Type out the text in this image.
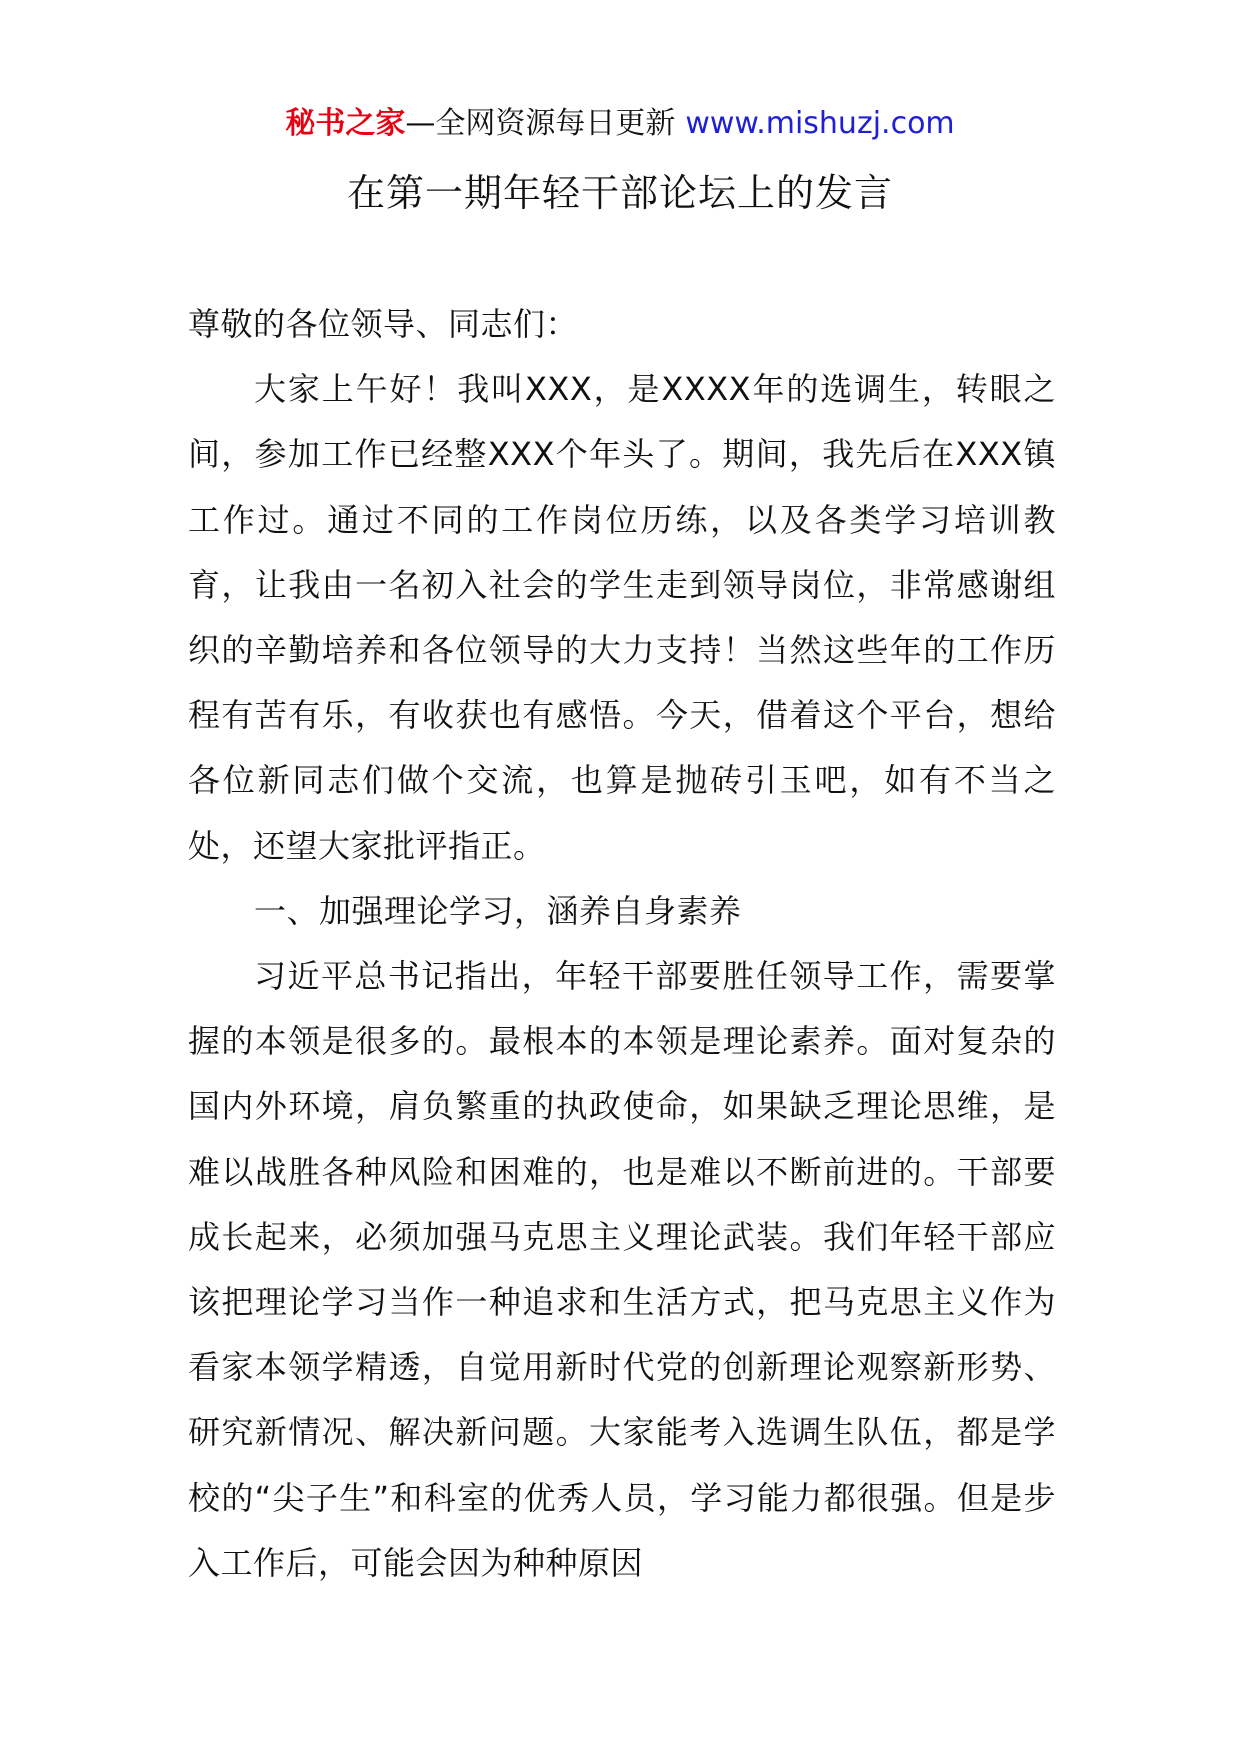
秘书之家—全网资源每日更新 www.mishuzj.com
在第一期年轻干部论坛上的发言

尊敬的各位领导、同志们：

大家上午好！我叫XXX，是XXXX年的选调生，转眼之间，参加工作已经整XXX个年头了。期间，我先后在XXX镇工作过。通过不同的工作岗位历练，以及各类学习培训教育，让我由一名初入社会的学生走到领导岗位，非常感谢组织的辛勤培养和各位领导的大力支持！当然这些年的工作历程有苦有乐，有收获也有感悟。今天，借着这个平台，想给各位新同志们做个交流，也算是抛砖引玉吧，如有不当之处，还望大家批评指正。

一、加强理论学习，涵养自身素养

习近平总书记指出，年轻干部要胜任领导工作，需要掌握的本领是很多的。最根本的本领是理论素养。面对复杂的国内外环境，肩负繁重的执政使命，如果缺乏理论思维，是难以战胜各种风险和困难的，也是难以不断前进的。干部要成长起来，必须加强马克思主义理论武装。我们年轻干部应该把理论学习当作一种追求和生活方式，把马克思主义作为看家本领学精透，自觉用新时代党的创新理论观察新形势、研究新情况、解决新问题。大家能考入选调生队伍，都是学校的“尖子生”和科室的优秀人员，学习能力都很强。但是步入工作后，可能会因为种种原因
